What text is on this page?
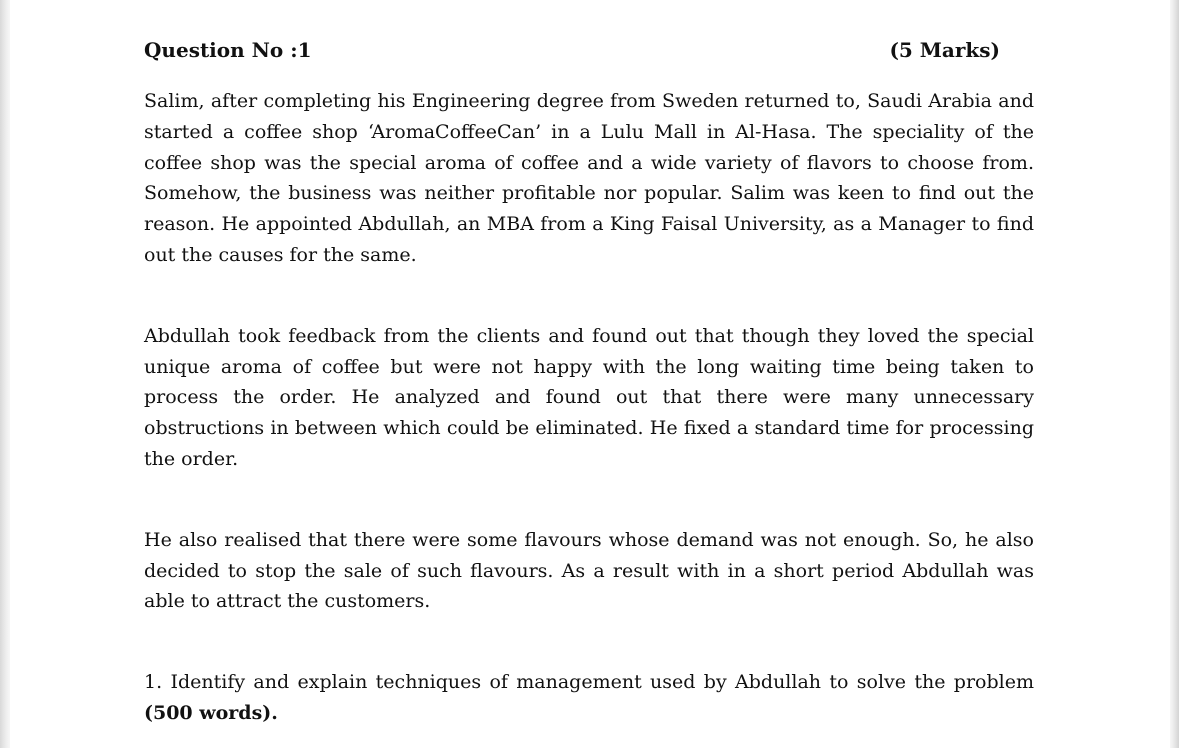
Question No :1	(5 Marks)

Salim, after completing his Engineering degree from Sweden returned to, Saudi Arabia and started a coffee shop ‘AromaCoffeeCan’ in a Lulu Mall in Al-Hasa. The speciality of the coffee shop was the special aroma of coffee and a wide variety of flavors to choose from. Somehow, the business was neither profitable nor popular. Salim was keen to find out the reason. He appointed Abdullah, an MBA from a King Faisal University, as a Manager to find out the causes for the same.

Abdullah took feedback from the clients and found out that though they loved the special unique aroma of coffee but were not happy with the long waiting time being taken to process the order. He analyzed and found out that there were many unnecessary obstructions in between which could be eliminated. He fixed a standard time for processing the order.

He also realised that there were some flavours whose demand was not enough. So, he also decided to stop the sale of such flavours. As a result with in a short period Abdullah was able to attract the customers.

1. Identify and explain techniques of management used by Abdullah to solve the problem (500 words).
